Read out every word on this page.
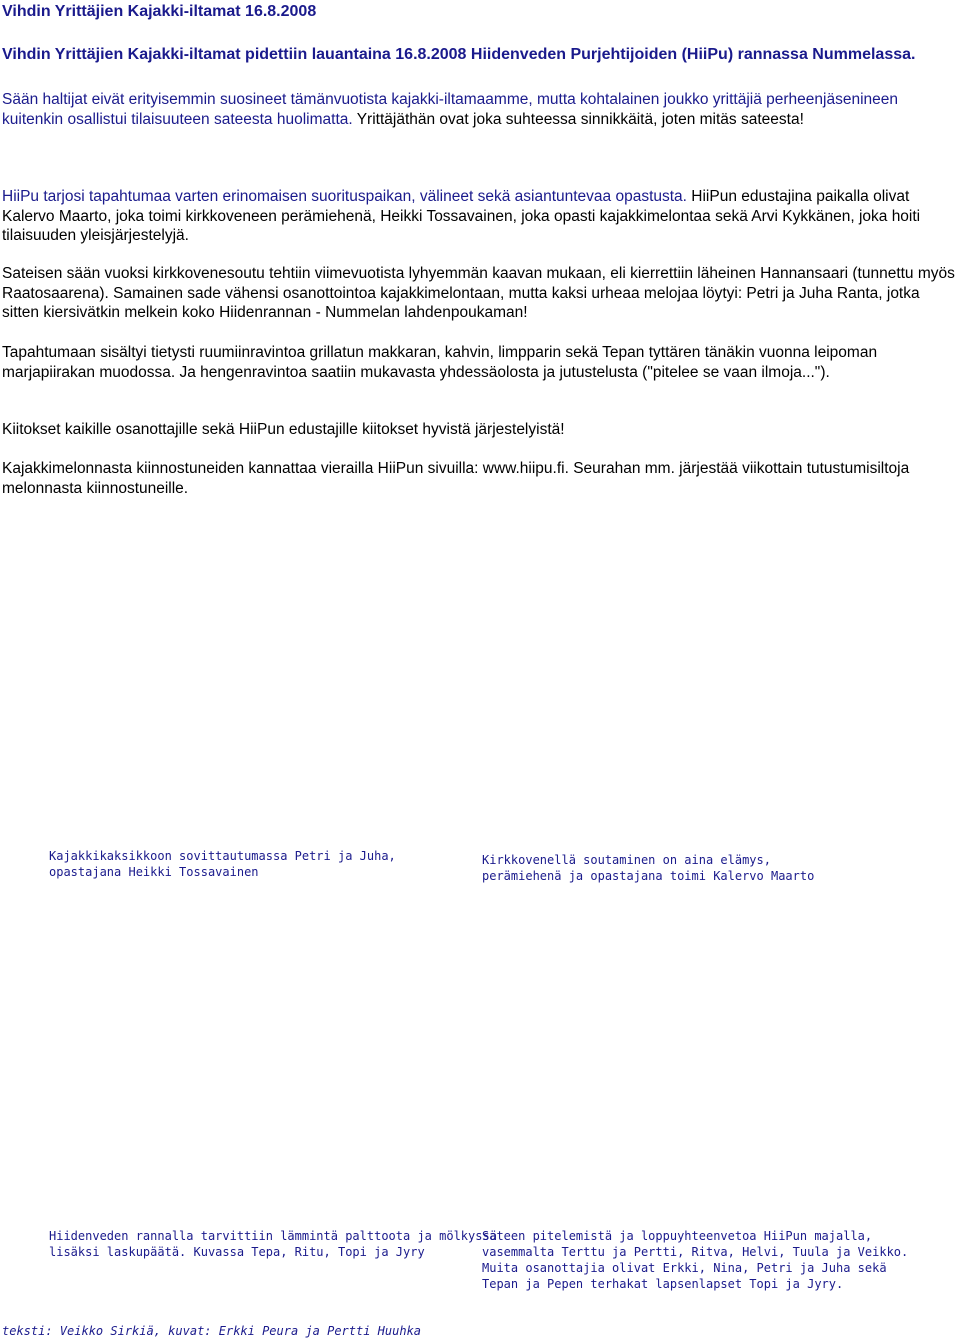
Vihdin Yrittäjien Kajakki-iltamat 16.8.2008
Vihdin Yrittäjien Kajakki-iltamat pidettiin lauantaina 16.8.2008 Hiidenveden Purjehtijoiden (HiiPu) rannassa Nummelassa.
Sään haltijat eivät erityisemmin suosineet tämänvuotista kajakki-iltamaamme, mutta kohtalainen joukko yrittäjiä perheenjäsenineen kuitenkin osallistui tilaisuuteen sateesta huolimatta. Yrittäjäthän ovat joka suhteessa sinnikkäitä, joten mitäs sateesta!
HiiPu tarjosi tapahtumaa varten erinomaisen suorituspaikan, välineet sekä asiantuntevaa opastusta. HiiPun edustajina paikalla olivat Kalervo Maarto, joka toimi kirkkoveneen perämiehenä, Heikki Tossavainen, joka opasti kajakkimelontaa sekä Arvi Kykkänen, joka hoiti tilaisuuden yleisjärjestelyjä.
Sateisen sään vuoksi kirkkovenesoutu tehtiin viimevuotista lyhyemmän kaavan mukaan, eli kierrettiin läheinen Hannansaari (tunnettu myös Raatosaarena). Samainen sade vähensi osanottointoa kajakkimelontaan, mutta kaksi urheaa melojaa löytyi: Petri ja Juha Ranta, jotka sitten kiersivätkin melkein koko Hiidenrannan - Nummelan lahdenpoukaman!
Tapahtumaan sisältyi tietysti ruumiinravintoa grillatun makkaran, kahvin, limpparin sekä Tepan tyttären tänäkin vuonna leipoman marjapiirakan muodossa. Ja hengenravintoa saatiin mukavasta yhdessäolosta ja jutustelusta ("pitelee se vaan ilmoja...").
Kiitokset kaikille osanottajille sekä HiiPun edustajille kiitokset hyvistä järjestelyistä!
Kajakkimelonnasta kiinnostuneiden kannattaa vierailla HiiPun sivuilla: www.hiipu.fi. Seurahan mm. järjestää viikottain tutustumisiltoja melonnasta kiinnostuneille.
Kajakkikaksikkoon sovittautumassa Petri ja Juha,
opastajana Heikki Tossavainen
Kirkkovenellä soutaminen on aina elämys,
perämiehenä ja opastajana toimi Kalervo Maarto
Hiidenveden rannalla tarvittiin lämmintä palttoota ja mölkyssä
lisäksi laskupäätä. Kuvassa Tepa, Ritu, Topi ja Jyry
Sateen pitelemistä ja loppuyhteenvetoa HiiPun majalla,
vasemmalta Terttu ja Pertti, Ritva, Helvi, Tuula ja Veikko.
Muita osanottajia olivat Erkki, Nina, Petri ja Juha sekä
Tepan ja Pepen terhakat lapsenlapset Topi ja Jyry.
teksti: Veikko Sirkiä, kuvat: Erkki Peura ja Pertti Huuhka
